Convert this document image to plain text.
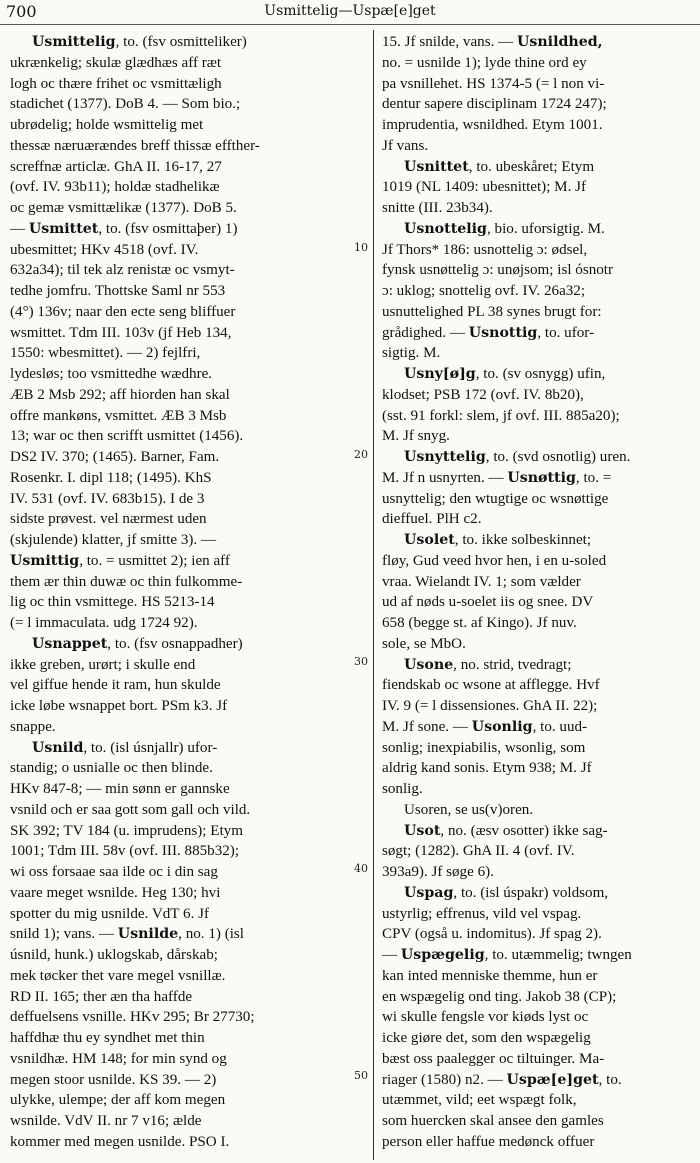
700	Usmittelig—Uspæ[e]get
10
20
30
40
50
Usmittelig, to. (fsv osmitteliker)
ukrænkelig; skulæ glædhæs aff ræt
logh oc thære frihet oc vsmittæligh
stadichet (1377). DoB 4. — Som bio.;
ubrødelig; holde wsmittelig met
thessæ næruærændes breff thissæ effther-
screffnæ articlæ. GhA II. 16-17, 27
(ovf. IV. 93b11); holdæ stadhelikæ
oc gemæ vsmittælikæ (1377). DoB 5.
— Usmittet, to. (fsv osmittaþer) 1)
ubesmittet; HKv 4518 (ovf. IV.
632a34); til tek alz renistæ oc vsmyt-
tedhe jomfru. Thottske Saml nr 553
(4°) 136v; naar den ecte seng bliffuer
wsmittet. Tdm III. 103v (jf Heb 134,
1550: wbesmittet). — 2) fejlfri,
lydesløs; too vsmittedhe wædhre.
ÆB 2 Msb 292; aff hiorden han skal
offre mankøns, vsmittet. ÆB 3 Msb
13; war oc then scrifft usmittet (1456).
DS2 IV. 370; (1465). Barner, Fam.
Rosenkr. I. dipl 118; (1495). KhS
IV. 531 (ovf. IV. 683b15). I de 3
sidste prøvest. vel nærmest uden
(skjulende) klatter, jf smitte 3). —
Usmittig, to. = usmittet 2); ien aff
them ær thin duwæ oc thin fulkomme-
lig oc thin vsmittege. HS 5213-14
(= l immaculata. udg 1724 92).
Usnappet, to. (fsv osnappadher)
ikke greben, urørt; i skulle end
vel giffue hende it ram, hun skulde
icke løbe wsnappet bort. PSm k3. Jf
snappe.
Usnild, to. (isl úsnjallr) ufor-
standig; o usnialle oc then blinde.
HKv 847-8; — min sønn er gannske
vsnild och er saa gott som gall och vild.
SK 392; TV 184 (u. imprudens); Etym
1001; Tdm III. 58v (ovf. III. 885b32);
wi oss forsaae saa ilde oc i din sag
vaare meget wsnilde. Heg 130; hvi
spotter du mig usnilde. VdT 6. Jf
snild 1); vans. — Usnilde, no. 1) (isl
úsnild, hunk.) uklogskab, dårskab;
mek tøcker thet vare megel vsnillæ.
RD II. 165; ther æn tha haffde
deffuelsens vsnille. HKv 295; Br 27730;
haffdhæ thu ey syndhet met thin
vsnildhæ. HM 148; for min synd og
megen stoor usnilde. KS 39. — 2)
ulykke, ulempe; der aff kom megen
wsnilde. VdV II. nr 7 v16; ælde
kommer med megen usnilde. PSO I.
15. Jf snilde, vans. — Usnildhed,
no. = usnilde 1); lyde thine ord ey
pa vsnillehet. HS 1374-5 (= l non vi-
dentur sapere disciplinam 1724 247);
imprudentia, wsnildhed. Etym 1001.
Jf vans.
Usnittet, to. ubeskåret; Etym
1019 (NL 1409: ubesnittet); M. Jf
snitte (III. 23b34).
Usnottelig, bio. uforsigtig. M.
Jf Thors* 186: usnottelig ɔ: ødsel,
fynsk usnøttelig ɔ: unøjsom; isl ósnotr
ɔ: uklog; snottelig ovf. IV. 26a32;
usnuttelighed PL 38 synes brugt for:
grådighed. — Usnottig, to. ufor-
sigtig. M.
Usny[ø]g, to. (sv osnygg) ufin,
klodset; PSB 172 (ovf. IV. 8b20),
(sst. 91 forkl: slem, jf ovf. III. 885a20);
M. Jf snyg.
Usnyttelig, to. (svd osnotlig) uren.
M. Jf n usnyrten. — Usnøttig, to. =
usnyttelig; den wtugtige oc wsnøttige
dieffuel. PlH c2.
Usolet, to. ikke solbeskinnet;
fløy, Gud veed hvor hen, i en u-soled
vraa. Wielandt IV. 1; som vælder
ud af nøds u-soelet iis og snee. DV
658 (begge st. af Kingo). Jf nuv.
sole, se MbO.
Usone, no. strid, tvedragt;
fiendskab oc wsone at afflegge. Hvf
IV. 9 (= l dissensiones. GhA II. 22);
M. Jf sone. — Usonlig, to. uud-
sonlig; inexpiabilis, wsonlig, som
aldrig kand sonis. Etym 938; M. Jf
sonlig.
Usoren, se us(v)oren.
Usot, no. (æsv osotter) ikke sag-
søgt; (1282). GhA II. 4 (ovf. IV.
393a9). Jf søge 6).
Uspag, to. (isl úspakr) voldsom,
ustyrlig; effrenus, vild vel vspag.
CPV (også u. indomitus). Jf spag 2).
— Uspægelig, to. utæmmelig; twngen
kan inted menniske themme, hun er
en wspægelig ond ting. Jakob 38 (CP);
wi skulle fengsle vor kiøds lyst oc
icke giøre det, som den wspægelig
bæst oss paalegger oc tiltuinger. Ma-
riager (1580) n2. — Uspæ[e]get, to.
utæmmet, vild; eet wspægt folk,
som huercken skal ansee den gamles
person eller haffue medønck offuer
